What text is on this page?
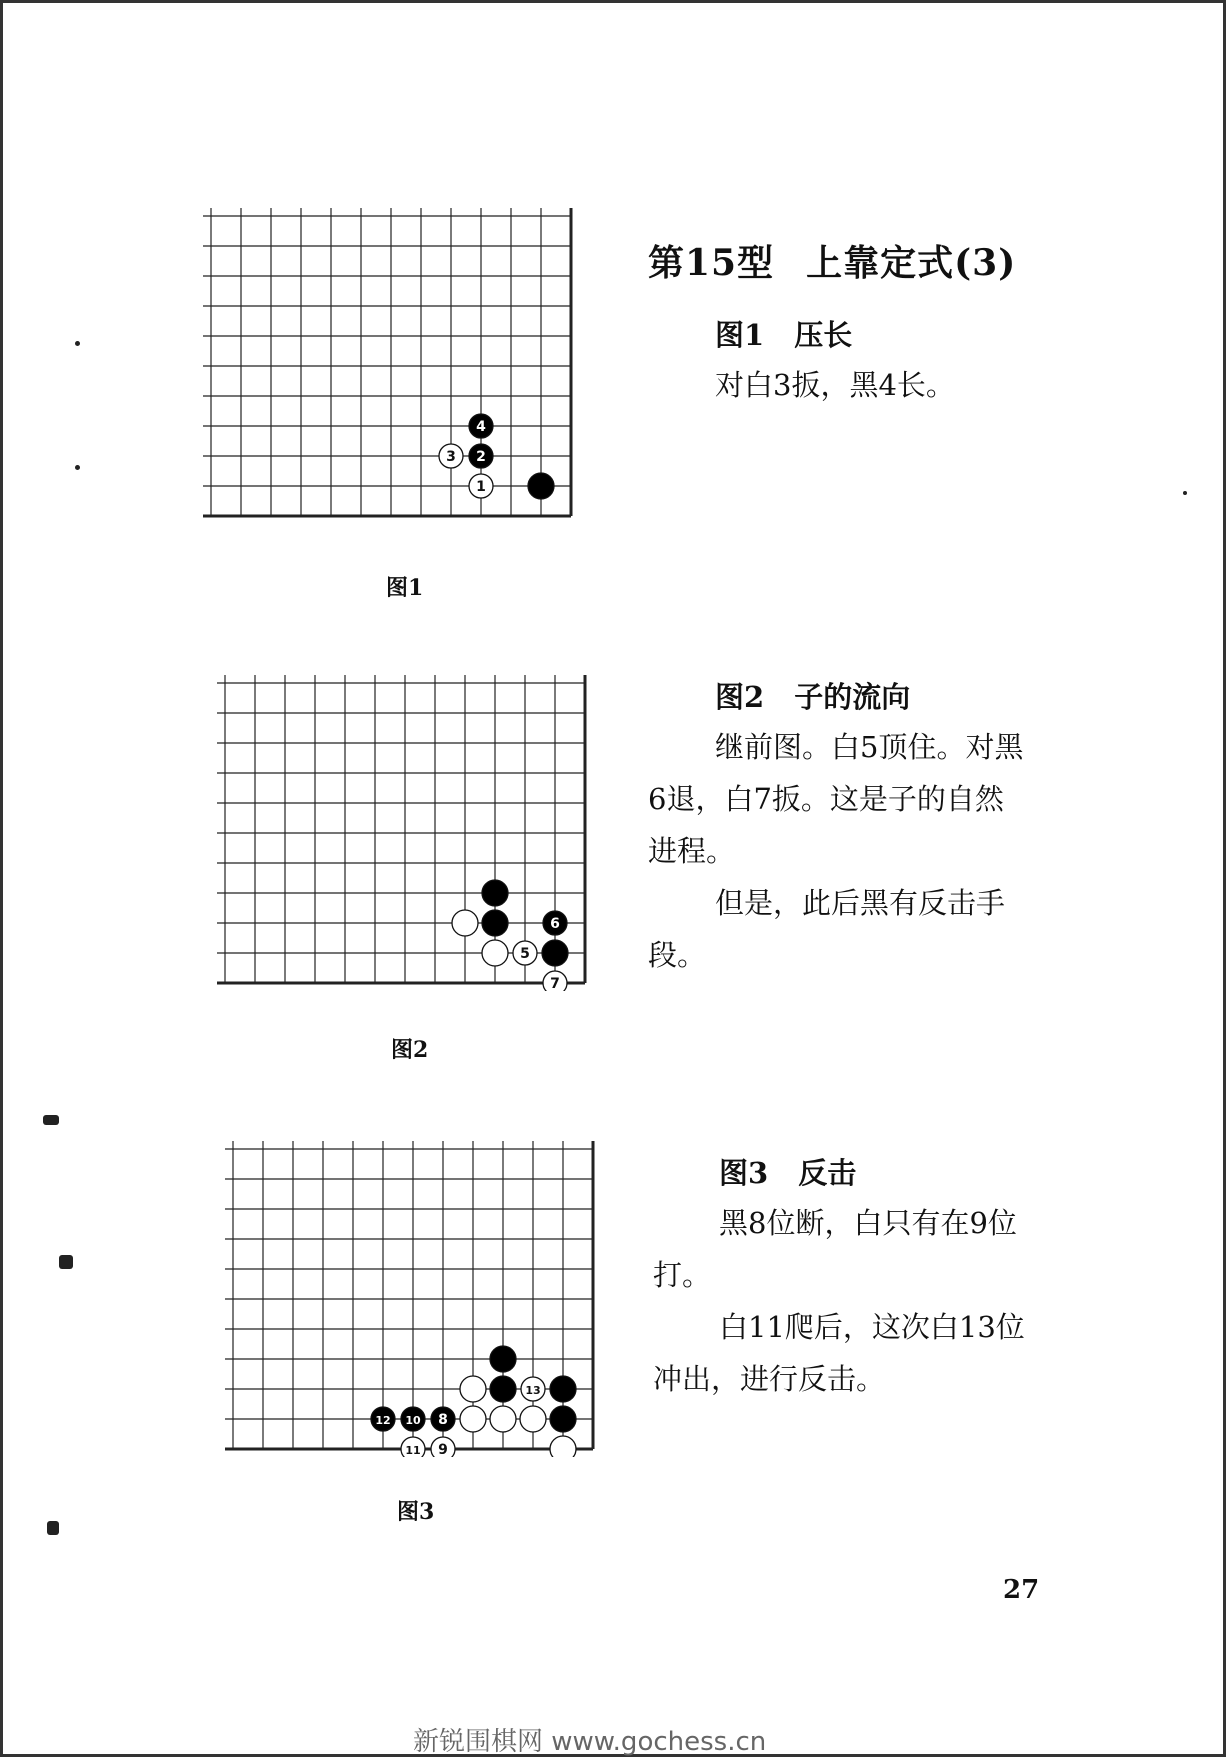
第15型 上靠定式(3)
4
3 2
1
图1
图1 压长
对白3扳，黑4长。
6
5
7
图2
图2 子的流向
继前图。白5顶住。对黑
6退，白7扳。这是子的自然
进程。
但是，此后黑有反击手
段。
13
12 10 8
11 9
图3
图3 反击
黑8位断，白只有在9位
打。
白11爬后，这次白13位
冲出，进行反击。
27
新锐围棋网 www.gochess.cn
